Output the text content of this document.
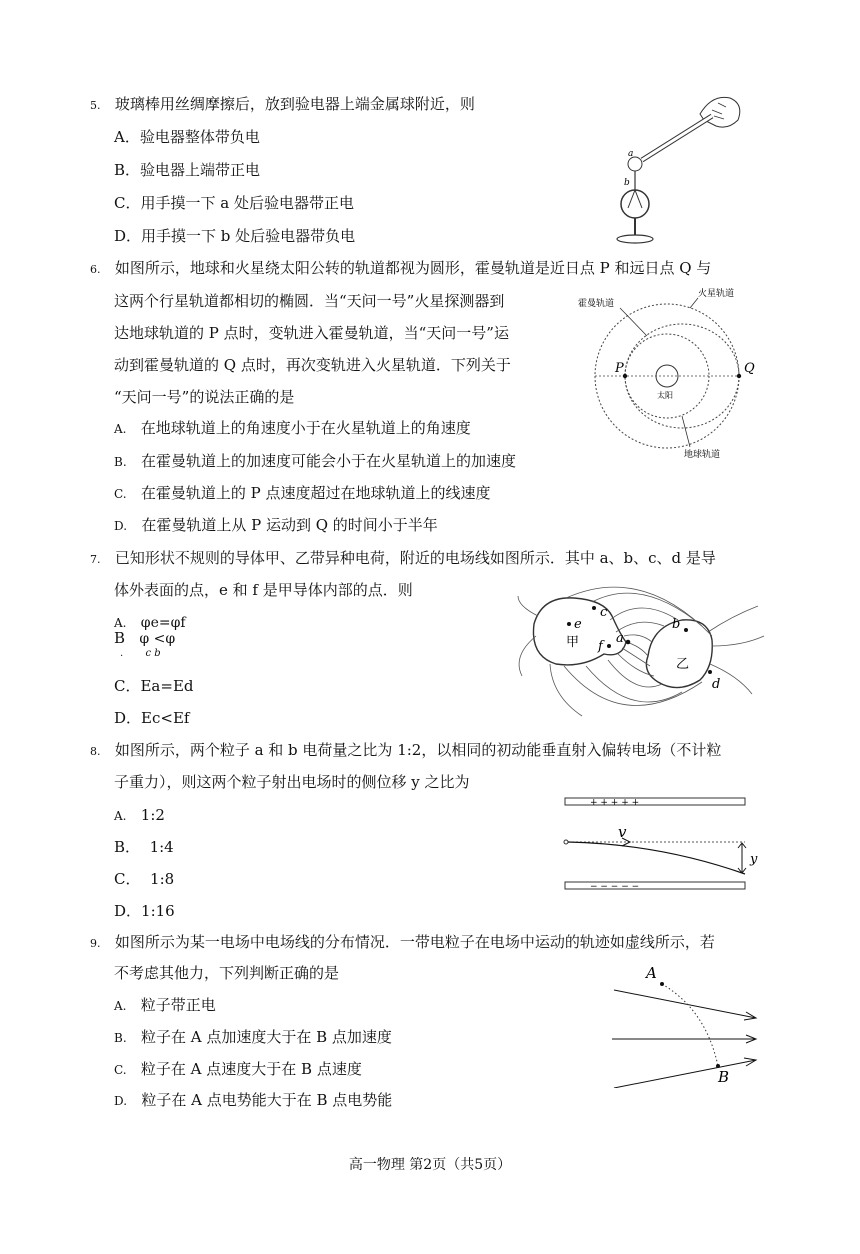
5. 玻璃棒用丝绸摩擦后，放到验电器上端金属球附近，则
A．验电器整体带负电
B．验电器上端带正电
C．用手摸一下 a 处后验电器带正电
D．用手摸一下 b 处后验电器带负电
a
b
6. 如图所示，地球和火星绕太阳公转的轨道都视为圆形，霍曼轨道是近日点 P 和远日点 Q 与
这两个行星轨道都相切的椭圆．当“天问一号”火星探测器到
达地球轨道的 P 点时，变轨进入霍曼轨道，当“天问一号”运
动到霍曼轨道的 Q 点时，再次变轨进入火星轨道．下列关于
“天问一号”的说法正确的是
A. 在地球轨道上的角速度小于在火星轨道上的角速度
B. 在霍曼轨道上的加速度可能会小于在火星轨道上的加速度
C. 在霍曼轨道上的 P 点速度超过在地球轨道上的线速度
D. 在霍曼轨道上从 P 运动到 Q 的时间小于半年
P	Q
太阳
霍曼轨道
火星轨道
地球轨道
7. 已知形状不规则的导体甲、乙带异种电荷，附近的电场线如图所示．其中 a、b、c、d 是导
体外表面的点，e 和 f 是甲导体内部的点．则
A. φe=φf
B φ <φ
. c b
C．Ea=Ed
D．Ec<Ef
e
甲 f
a
c
b
乙
d
8. 如图所示，两个粒子 a 和 b 电荷量之比为 1:2，以相同的初动能垂直射入偏转电场（不计粒
子重力），则这两个粒子射出电场时的侧位移 y 之比为
A. 1:2
B． 1:4
C． 1:8
D．1:16
+ + + + +
− − − − −
v
y
9. 如图所示为某一电场中电场线的分布情况．一带电粒子在电场中运动的轨迹如虚线所示，若
不考虑其他力，下列判断正确的是
A. 粒子带正电
B. 粒子在 A 点加速度大于在 B 点加速度
C. 粒子在 A 点速度大于在 B 点速度
D. 粒子在 A 点电势能大于在 B 点电势能
A
B
高一物理 第2页（共5页）
